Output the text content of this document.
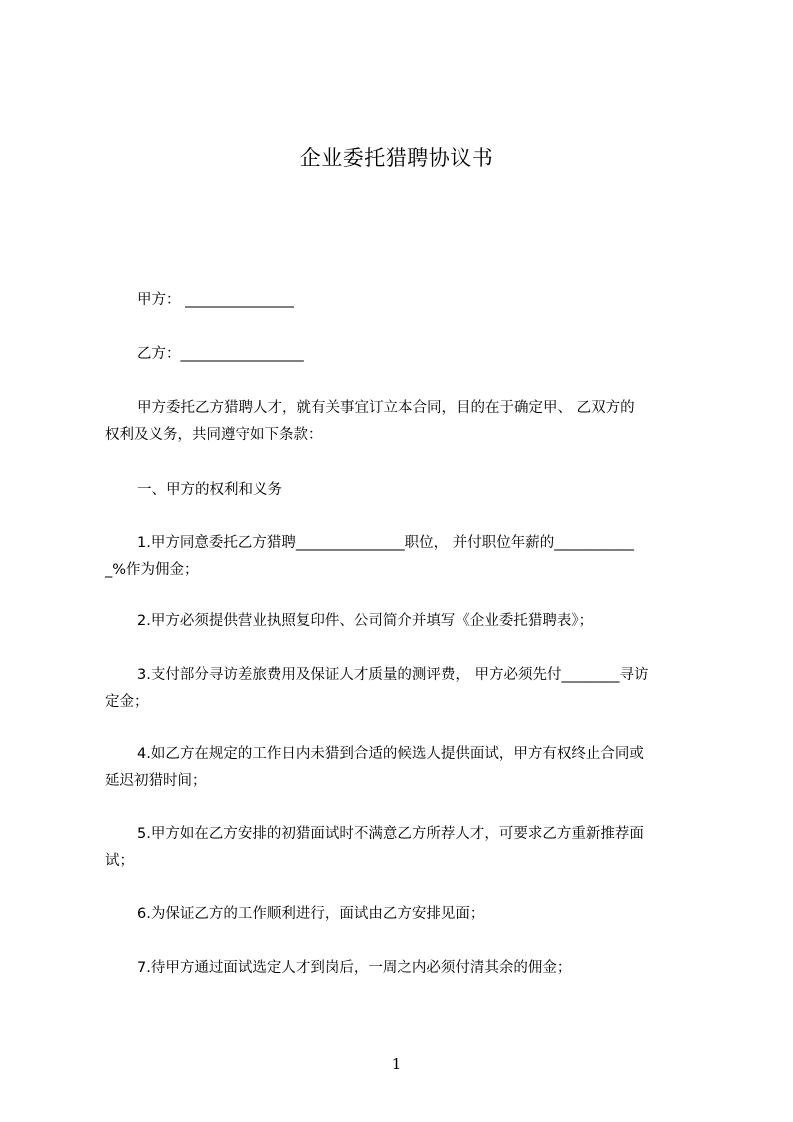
企业委托猎聘协议书
甲方： _______________
乙方：_________________
甲方委托乙方猎聘人才，就有关事宜订立本合同，目的在于确定甲、 乙双方的
权利及义务，共同遵守如下条款：
一、甲方的权利和义务
1.甲方同意委托乙方猎聘_______________职位， 并付职位年薪的___________
_%作为佣金；
2.甲方必须提供营业执照复印件、公司简介并填写《企业委托猎聘表》；
3.支付部分寻访差旅费用及保证人才质量的测评费， 甲方必须先付________寻访
定金；
4.如乙方在规定的工作日内未猎到合适的候选人提供面试，甲方有权终止合同或
延迟初猎时间；
5.甲方如在乙方安排的初猎面试时不满意乙方所荐人才，可要求乙方重新推荐面
试；
6.为保证乙方的工作顺利进行，面试由乙方安排见面；
7.待甲方通过面试选定人才到岗后，一周之内必须付清其余的佣金；
1
